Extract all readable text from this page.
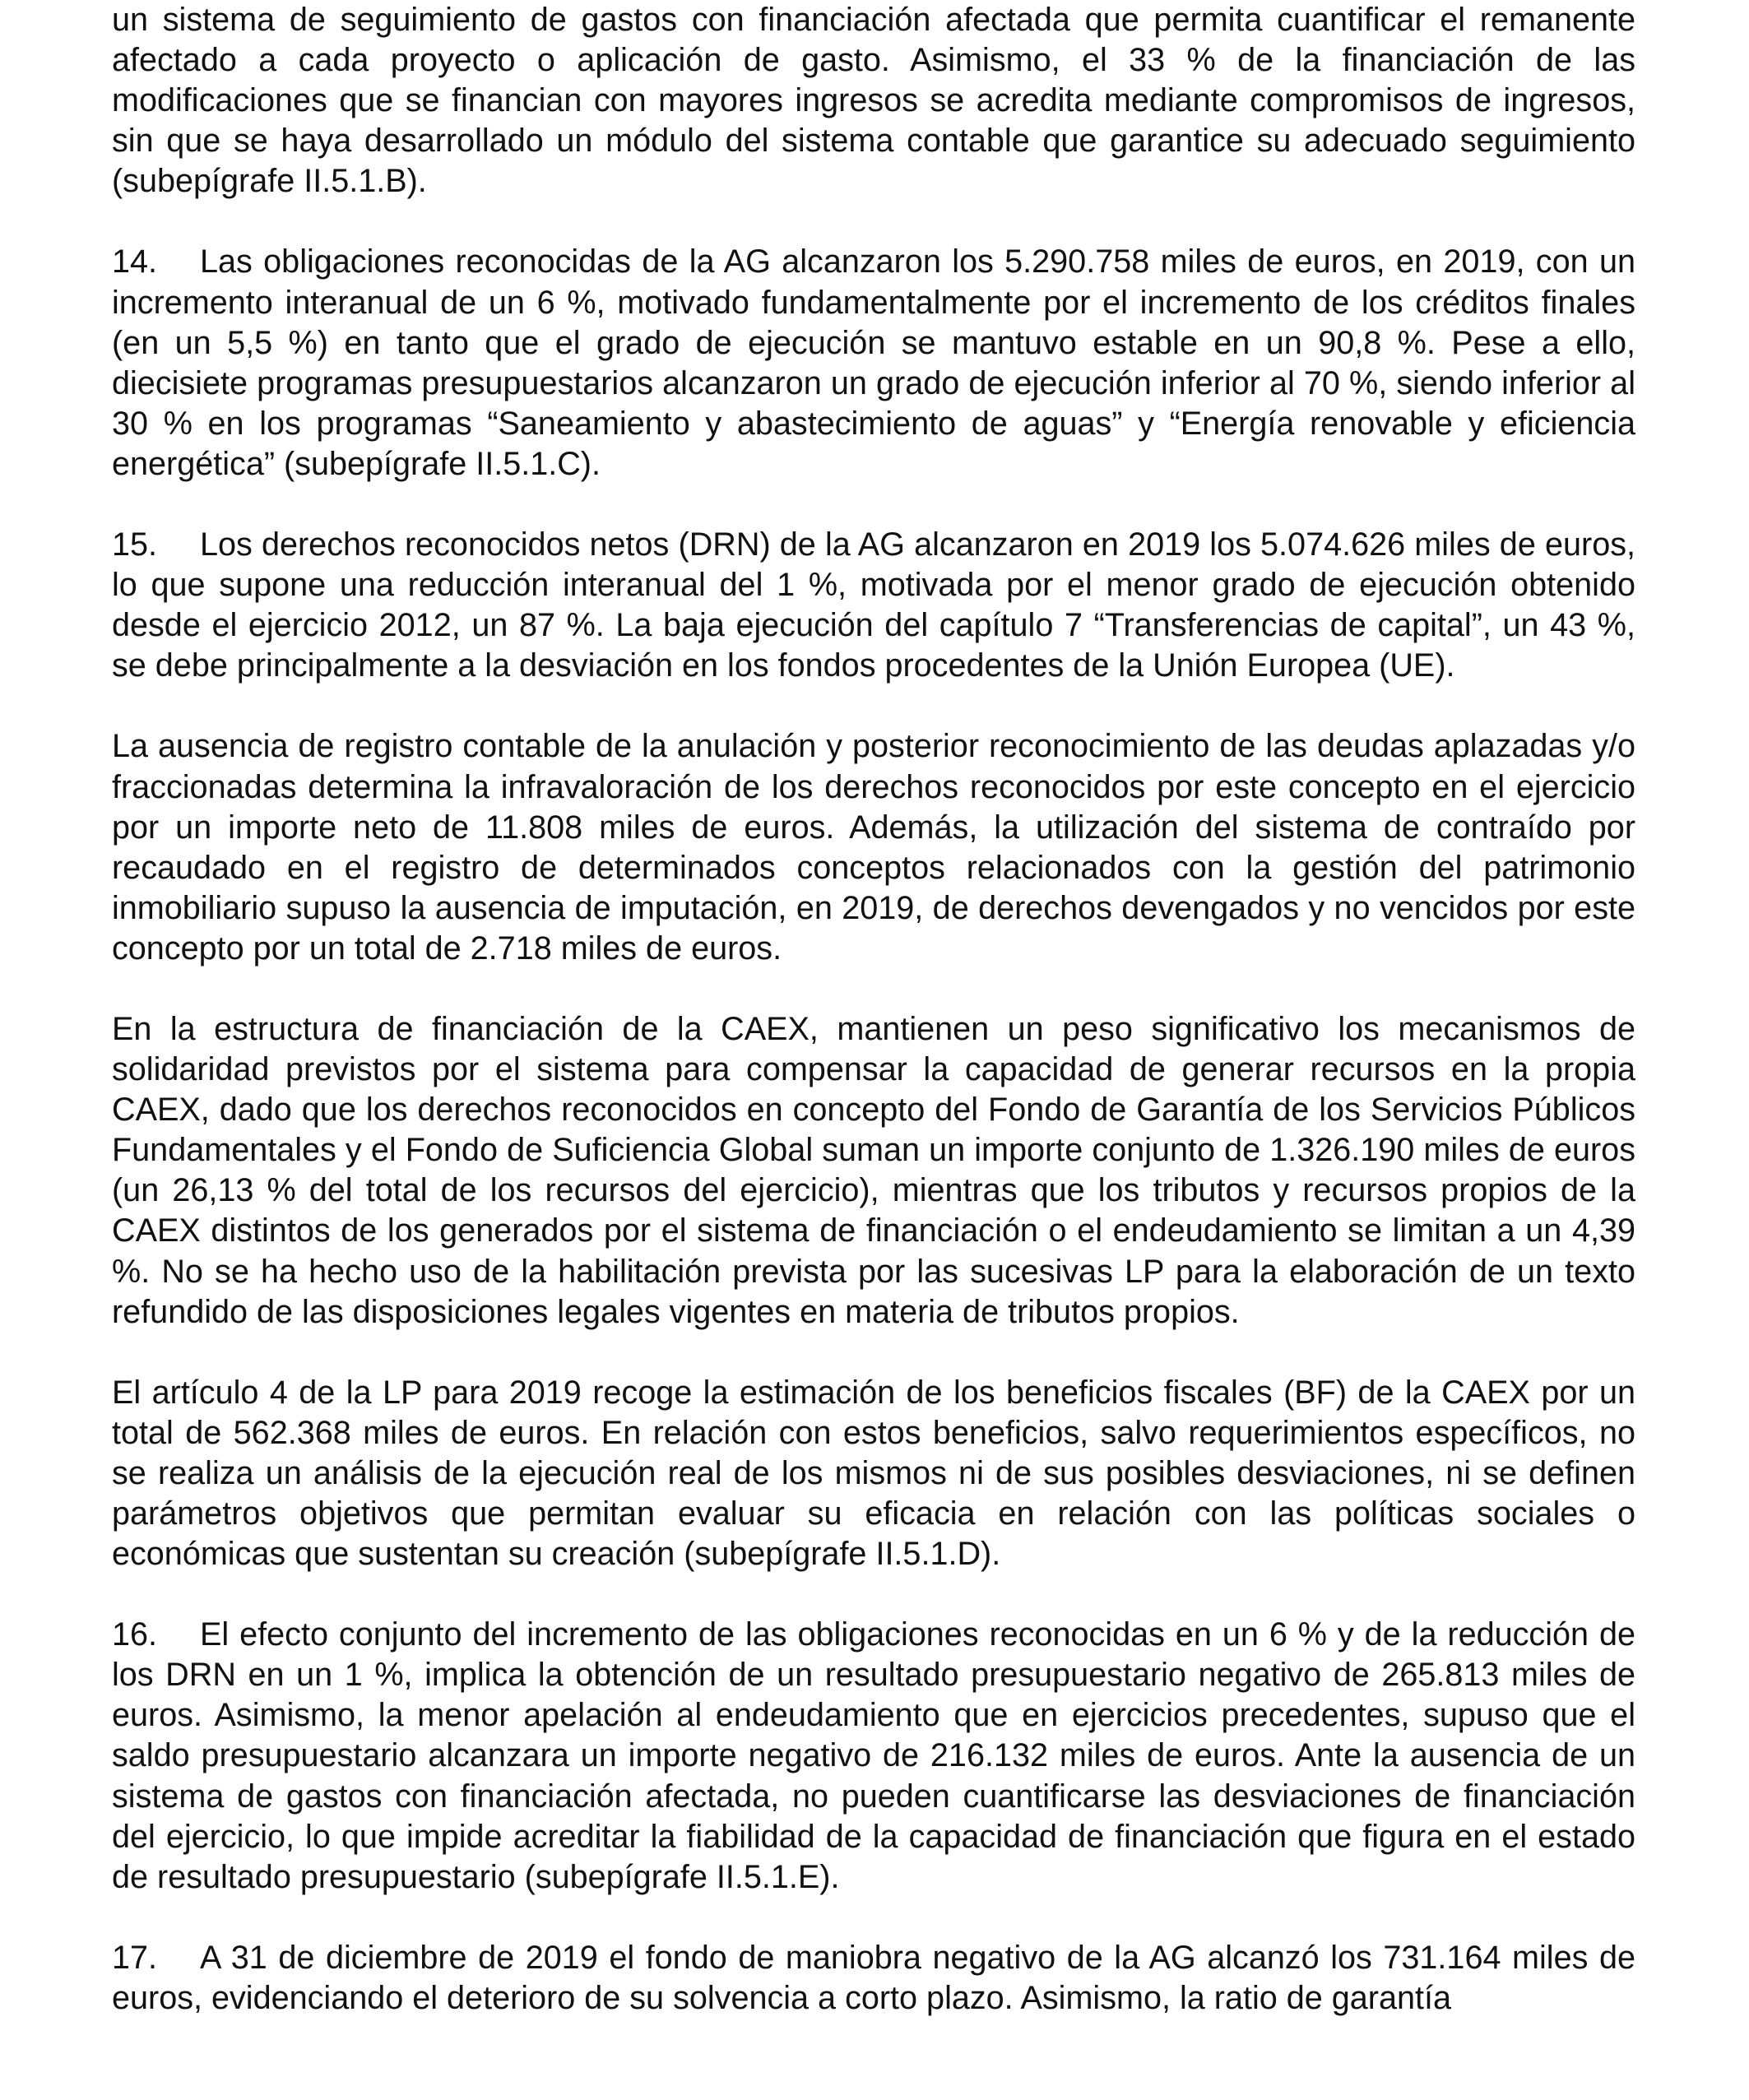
un sistema de seguimiento de gastos con financiación afectada que permita cuantificar el remanente afectado a cada proyecto o aplicación de gasto. Asimismo, el 33 % de la financiación de las modificaciones que se financian con mayores ingresos se acredita mediante compromisos de ingresos, sin que se haya desarrollado un módulo del sistema contable que garantice su adecuado seguimiento (subepígrafe II.5.1.B).

14. Las obligaciones reconocidas de la AG alcanzaron los 5.290.758 miles de euros, en 2019, con un incremento interanual de un 6 %, motivado fundamentalmente por el incremento de los créditos finales (en un 5,5 %) en tanto que el grado de ejecución se mantuvo estable en un 90,8 %. Pese a ello, diecisiete programas presupuestarios alcanzaron un grado de ejecución inferior al 70 %, siendo inferior al 30 % en los programas “Saneamiento y abastecimiento de aguas” y “Energía renovable y eficiencia energética” (subepígrafe II.5.1.C).

15. Los derechos reconocidos netos (DRN) de la AG alcanzaron en 2019 los 5.074.626 miles de euros, lo que supone una reducción interanual del 1 %, motivada por el menor grado de ejecución obtenido desde el ejercicio 2012, un 87 %. La baja ejecución del capítulo 7 “Transferencias de capital”, un 43 %, se debe principalmente a la desviación en los fondos procedentes de la Unión Europea (UE).

La ausencia de registro contable de la anulación y posterior reconocimiento de las deudas aplazadas y/o fraccionadas determina la infravaloración de los derechos reconocidos por este concepto en el ejercicio por un importe neto de 11.808 miles de euros. Además, la utilización del sistema de contraído por recaudado en el registro de determinados conceptos relacionados con la gestión del patrimonio inmobiliario supuso la ausencia de imputación, en 2019, de derechos devengados y no vencidos por este concepto por un total de 2.718 miles de euros.

En la estructura de financiación de la CAEX, mantienen un peso significativo los mecanismos de solidaridad previstos por el sistema para compensar la capacidad de generar recursos en la propia CAEX, dado que los derechos reconocidos en concepto del Fondo de Garantía de los Servicios Públicos Fundamentales y el Fondo de Suficiencia Global suman un importe conjunto de 1.326.190 miles de euros (un 26,13 % del total de los recursos del ejercicio), mientras que los tributos y recursos propios de la CAEX distintos de los generados por el sistema de financiación o el endeudamiento se limitan a un 4,39 %. No se ha hecho uso de la habilitación prevista por las sucesivas LP para la elaboración de un texto refundido de las disposiciones legales vigentes en materia de tributos propios.

El artículo 4 de la LP para 2019 recoge la estimación de los beneficios fiscales (BF) de la CAEX por un total de 562.368 miles de euros. En relación con estos beneficios, salvo requerimientos específicos, no se realiza un análisis de la ejecución real de los mismos ni de sus posibles desviaciones, ni se definen parámetros objetivos que permitan evaluar su eficacia en relación con las políticas sociales o económicas que sustentan su creación (subepígrafe II.5.1.D).

16. El efecto conjunto del incremento de las obligaciones reconocidas en un 6 % y de la reducción de los DRN en un 1 %, implica la obtención de un resultado presupuestario negativo de 265.813 miles de euros. Asimismo, la menor apelación al endeudamiento que en ejercicios precedentes, supuso que el saldo presupuestario alcanzara un importe negativo de 216.132 miles de euros. Ante la ausencia de un sistema de gastos con financiación afectada, no pueden cuantificarse las desviaciones de financiación del ejercicio, lo que impide acreditar la fiabilidad de la capacidad de financiación que figura en el estado de resultado presupuestario (subepígrafe II.5.1.E).

17. A 31 de diciembre de 2019 el fondo de maniobra negativo de la AG alcanzó los 731.164 miles de euros, evidenciando el deterioro de su solvencia a corto plazo. Asimismo, la ratio de garantía
